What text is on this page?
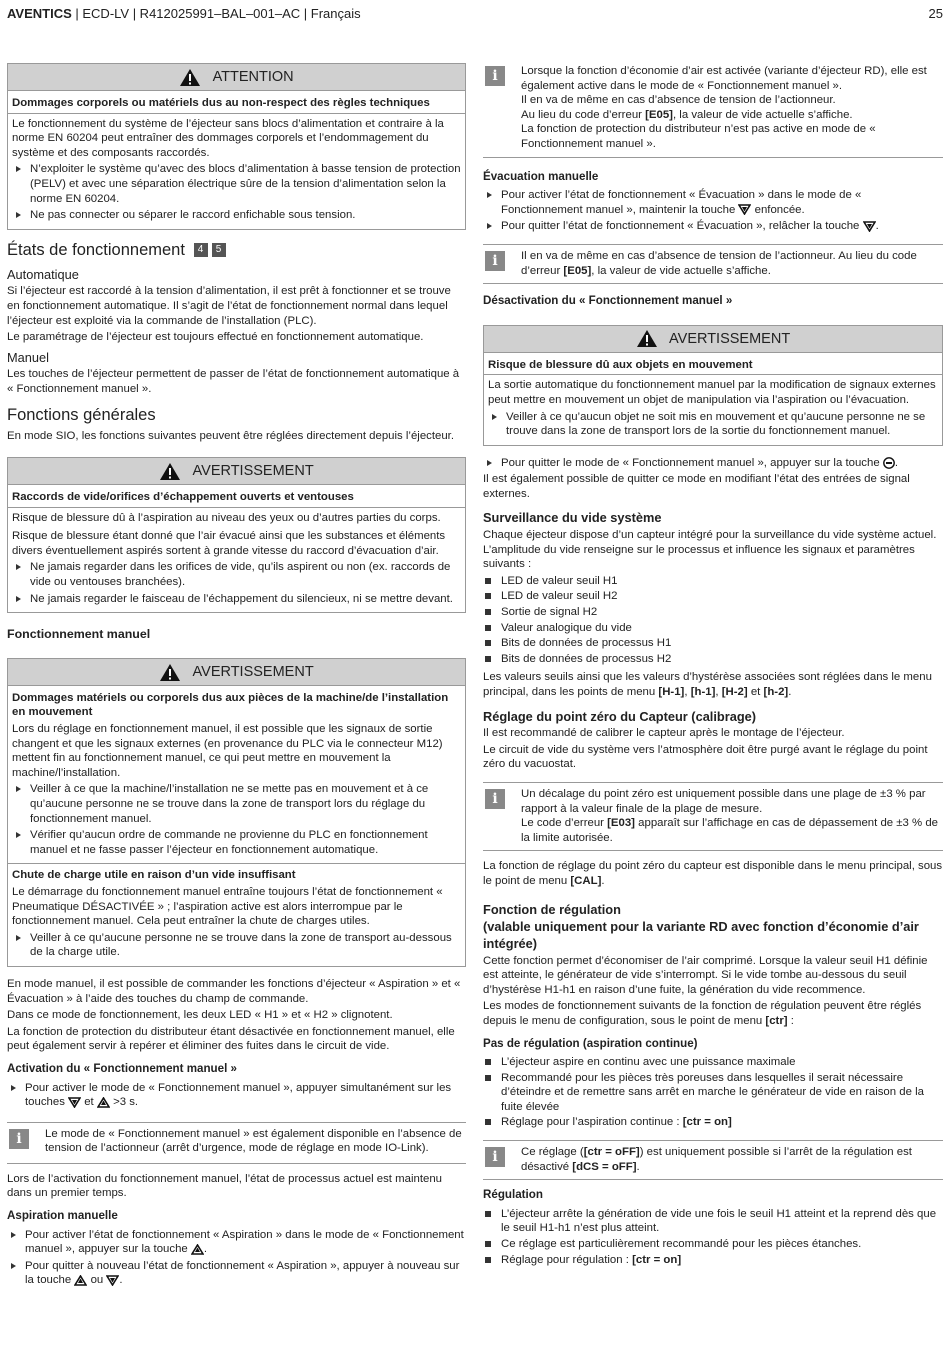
AVENTICS | ECD-LV | R412025991–BAL–001–AC | Français	25
ATTENTION
Dommages corporels ou matériels dus au non-respect des règles techniques

Le fonctionnement du système de l’éjecteur sans blocs d’alimentation et contraire à la norme EN 60204 peut entraîner des dommages corporels et l’endommagement du système et des composants raccordés.

N’exploiter le système qu’avec des blocs d’alimentation à basse tension de protection (PELV) et avec une séparation électrique sûre de la tension d’alimentation selon la norme EN 60204.
Ne pas connecter ou séparer le raccord enfichable sous tension.
États de fonctionnement 4 5
Automatique

Si l’éjecteur est raccordé à la tension d’alimentation, il est prêt à fonctionner et se trouve en fonctionnement automatique. Il s’agit de l’état de fonctionnement normal dans lequel l’éjecteur est exploité via la commande de l’installation (PLC).

Le paramétrage de l’éjecteur est toujours effectué en fonctionnement automatique.

Manuel

Les touches de l’éjecteur permettent de passer de l’état de fonctionnement automatique à « Fonctionnement manuel ».

Fonctions générales

En mode SIO, les fonctions suivantes peuvent être réglées directement depuis l’éjecteur.

AVERTISSEMENT
Raccords de vide/orifices d’échappement ouverts et ventouses

Risque de blessure dû à l’aspiration au niveau des yeux ou d’autres parties du corps.

Risque de blessure étant donné que l’air évacué ainsi que les substances et éléments divers éventuellement aspirés sortent à grande vitesse du raccord d’évacuation d’air.

Ne jamais regarder dans les orifices de vide, qu’ils aspirent ou non (ex. raccords de vide ou ventouses branchées).
Ne jamais regarder le faisceau de l’échappement du silencieux, ni se mettre devant.
Fonctionnement manuel
AVERTISSEMENT
Dommages matériels ou corporels dus aux pièces de la machine/de l’installation en mouvement

Lors du réglage en fonctionnement manuel, il est possible que les signaux de sortie changent et que les signaux externes (en provenance du PLC via le connecteur M12) mettent fin au fonctionnement manuel, ce qui peut mettre en mouvement la machine/l’installation.

Veiller à ce que la machine/l’installation ne se mette pas en mouvement et à ce qu’aucune personne ne se trouve dans la zone de transport lors du réglage du fonctionnement manuel.
Vérifier qu’aucun ordre de commande ne provienne du PLC en fonctionnement manuel et ne fasse passer l’éjecteur en fonctionnement automatique.
Chute de charge utile en raison d’un vide insuffisant

Le démarrage du fonctionnement manuel entraîne toujours l’état de fonctionnement « Pneumatique DÉSACTIVÉE » ; l’aspiration active est alors interrompue par le fonctionnement manuel. Cela peut entraîner la chute de charges utiles.

Veiller à ce qu’aucune personne ne se trouve dans la zone de transport au-dessous de la charge utile.

En mode manuel, il est possible de commander les fonctions d’éjecteur « Aspiration » et « Évacuation » à l’aide des touches du champ de commande.

Dans ce mode de fonctionnement, les deux LED « H1 » et « H2 » clignotent.

La fonction de protection du distributeur étant désactivée en fonctionnement manuel, elle peut également servir à repérer et éliminer des fuites dans le circuit de vide.

Activation du « Fonctionnement manuel »
Pour activer le mode de « Fonctionnement manuel », appuyer simultanément sur les touches  et  >3 s.
i	Le mode de « Fonctionnement manuel » est également disponible en l’absence de tension de l’actionneur (arrêt d’urgence, mode de réglage en mode IO-Link).

Lors de l’activation du fonctionnement manuel, l’état de processus actuel est maintenu dans un premier temps.

Aspiration manuelle
Pour activer l’état de fonctionnement « Aspiration » dans le mode de « Fonctionnement manuel », appuyer sur la touche .
Pour quitter à nouveau l’état de fonctionnement « Aspiration », appuyer à nouveau sur la touche  ou .
i	Lorsque la fonction d’économie d’air est activée (variante d’éjecteur RD), elle est également active dans le mode de « Fonctionnement manuel ».

Il en va de même en cas d’absence de tension de l’actionneur.

Au lieu du code d’erreur [E05], la valeur de vide actuelle s’affiche.

La fonction de protection du distributeur n’est pas active en mode de « Fonctionnement manuel ».

Évacuation manuelle
Pour activer l’état de fonctionnement « Évacuation » dans le mode de « Fonctionnement manuel », maintenir la touche  enfoncée.
Pour quitter l’état de fonctionnement « Évacuation », relâcher la touche .
i	Il en va de même en cas d’absence de tension de l’actionneur. Au lieu du code d’erreur [E05], la valeur de vide actuelle s’affiche.

Désactivation du « Fonctionnement manuel »
AVERTISSEMENT
Risque de blessure dû aux objets en mouvement

La sortie automatique du fonctionnement manuel par la modification de signaux externes peut mettre en mouvement un objet de manipulation via l’aspiration ou l’évacuation.

Veiller à ce qu’aucun objet ne soit mis en mouvement et qu’aucune personne ne se trouve dans la zone de transport lors de la sortie du fonctionnement manuel.
Pour quitter le mode de « Fonctionnement manuel », appuyer sur la touche .

Il est également possible de quitter ce mode en modifiant l’état des entrées de signal externes.

Surveillance du vide système

Chaque éjecteur dispose d’un capteur intégré pour la surveillance du vide système actuel. L’amplitude du vide renseigne sur le processus et influence les signaux et paramètres suivants :

LED de valeur seuil H1
LED de valeur seuil H2
Sortie de signal H2
Valeur analogique du vide
Bits de données de processus H1
Bits de données de processus H2

Les valeurs seuils ainsi que les valeurs d’hystérèse associées sont réglées dans le menu principal, dans les points de menu [H-1], [h-1], [H-2] et [h-2].

Réglage du point zéro du Capteur (calibrage)

Il est recommandé de calibrer le capteur après le montage de l’éjecteur.

Le circuit de vide du système vers l’atmosphère doit être purgé avant le réglage du point zéro du vacuostat.

i	Un décalage du point zéro est uniquement possible dans une plage de ±3 % par rapport à la valeur finale de la plage de mesure.

Le code d’erreur [E03] apparaît sur l’affichage en cas de dépassement de ±3 % de la limite autorisée.

La fonction de réglage du point zéro du capteur est disponible dans le menu principal, sous le point de menu [CAL].

Fonction de régulation
(valable uniquement pour la variante RD avec fonction d’économie d’air intégrée)

Cette fonction permet d’économiser de l’air comprimé. Lorsque la valeur seuil H1 définie est atteinte, le générateur de vide s’interrompt. Si le vide tombe au-dessous du seuil d’hystérèse H1-h1 en raison d’une fuite, la génération du vide recommence.

Les modes de fonctionnement suivants de la fonction de régulation peuvent être réglés depuis le menu de configuration, sous le point de menu [ctr] :

Pas de régulation (aspiration continue)
L’éjecteur aspire en continu avec une puissance maximale
Recommandé pour les pièces très poreuses dans lesquelles il serait nécessaire d’éteindre et de remettre sans arrêt en marche le générateur de vide en raison de la fuite élevée
Réglage pour l’aspiration continue : [ctr = on]
i	Ce réglage ([ctr = oFF]) est uniquement possible si l’arrêt de la régulation est désactivé [dCS = oFF].

Régulation
L’éjecteur arrête la génération de vide une fois le seuil H1 atteint et la reprend dès que le seuil H1-h1 n’est plus atteint.
Ce réglage est particulièrement recommandé pour les pièces étanches.
Réglage pour régulation : [ctr = on]
